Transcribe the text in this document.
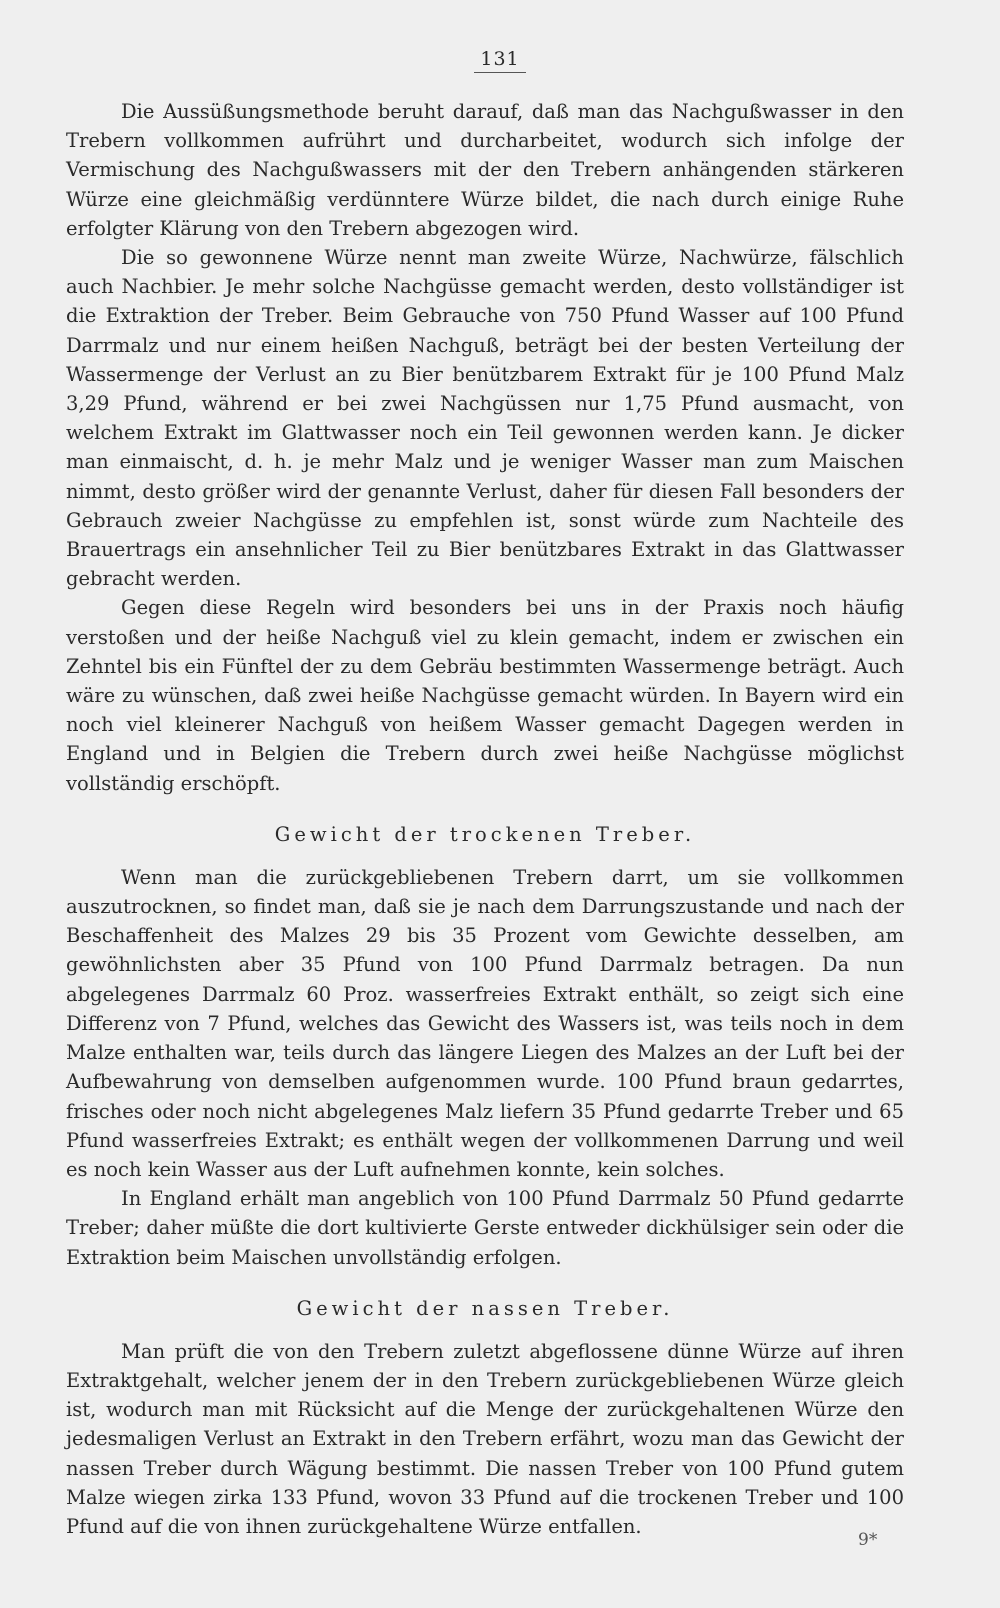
131

Die Aussüßungsmethode beruht darauf, daß man das Nachgußwasser in den Trebern vollkommen aufrührt und durcharbeitet, wodurch sich infolge der Vermischung des Nachgußwassers mit der den Trebern anhängenden stärkeren Würze eine gleichmäßig verdünntere Würze bildet, die nach durch einige Ruhe erfolgter Klärung von den Trebern abgezogen wird.

Die so gewonnene Würze nennt man zweite Würze, Nachwürze, fälschlich auch Nachbier. Je mehr solche Nachgüsse gemacht werden, desto vollständiger ist die Extraktion der Treber. Beim Gebrauche von 750 Pfund Wasser auf 100 Pfund Darrmalz und nur einem heißen Nachguß, beträgt bei der besten Verteilung der Wassermenge der Verlust an zu Bier benützbarem Extrakt für je 100 Pfund Malz 3,29 Pfund, während er bei zwei Nachgüssen nur 1,75 Pfund ausmacht, von welchem Extrakt im Glattwasser noch ein Teil gewonnen werden kann. Je dicker man einmaischt, d. h. je mehr Malz und je weniger Wasser man zum Maischen nimmt, desto größer wird der genannte Verlust, daher für diesen Fall besonders der Gebrauch zweier Nachgüsse zu empfehlen ist, sonst würde zum Nachteile des Brauertrags ein ansehnlicher Teil zu Bier benützbares Extrakt in das Glattwasser gebracht werden.

Gegen diese Regeln wird besonders bei uns in der Praxis noch häufig verstoßen und der heiße Nachguß viel zu klein gemacht, indem er zwischen ein Zehntel bis ein Fünftel der zu dem Gebräu bestimmten Wassermenge beträgt. Auch wäre zu wünschen, daß zwei heiße Nachgüsse gemacht würden. In Bayern wird ein noch viel kleinerer Nachguß von heißem Wasser gemacht Dagegen werden in England und in Belgien die Trebern durch zwei heiße Nachgüsse möglichst vollständig erschöpft.

Gewicht der trockenen Treber.

Wenn man die zurückgebliebenen Trebern darrt, um sie vollkommen auszutrocknen, so findet man, daß sie je nach dem Darrungszustande und nach der Beschaffenheit des Malzes 29 bis 35 Prozent vom Gewichte desselben, am gewöhnlichsten aber 35 Pfund von 100 Pfund Darrmalz betragen. Da nun abgelegenes Darrmalz 60 Proz. wasserfreies Extrakt enthält, so zeigt sich eine Differenz von 7 Pfund, welches das Gewicht des Wassers ist, was teils noch in dem Malze enthalten war, teils durch das längere Liegen des Malzes an der Luft bei der Aufbewahrung von demselben aufgenommen wurde. 100 Pfund braun gedarrtes, frisches oder noch nicht abgelegenes Malz liefern 35 Pfund gedarrte Treber und 65 Pfund wasserfreies Extrakt; es enthält wegen der vollkommenen Darrung und weil es noch kein Wasser aus der Luft aufnehmen konnte, kein solches.

In England erhält man angeblich von 100 Pfund Darrmalz 50 Pfund gedarrte Treber; daher müßte die dort kultivierte Gerste entweder dickhülsiger sein oder die Extraktion beim Maischen unvollständig erfolgen.

Gewicht der nassen Treber.

Man prüft die von den Trebern zuletzt abgeflossene dünne Würze auf ihren Extraktgehalt, welcher jenem der in den Trebern zurückgebliebenen Würze gleich ist, wodurch man mit Rücksicht auf die Menge der zurückgehaltenen Würze den jedesmaligen Verlust an Extrakt in den Trebern erfährt, wozu man das Gewicht der nassen Treber durch Wägung bestimmt. Die nassen Treber von 100 Pfund gutem Malze wiegen zirka 133 Pfund, wovon 33 Pfund auf die trockenen Treber und 100 Pfund auf die von ihnen zurückgehaltene Würze entfallen.

9*
